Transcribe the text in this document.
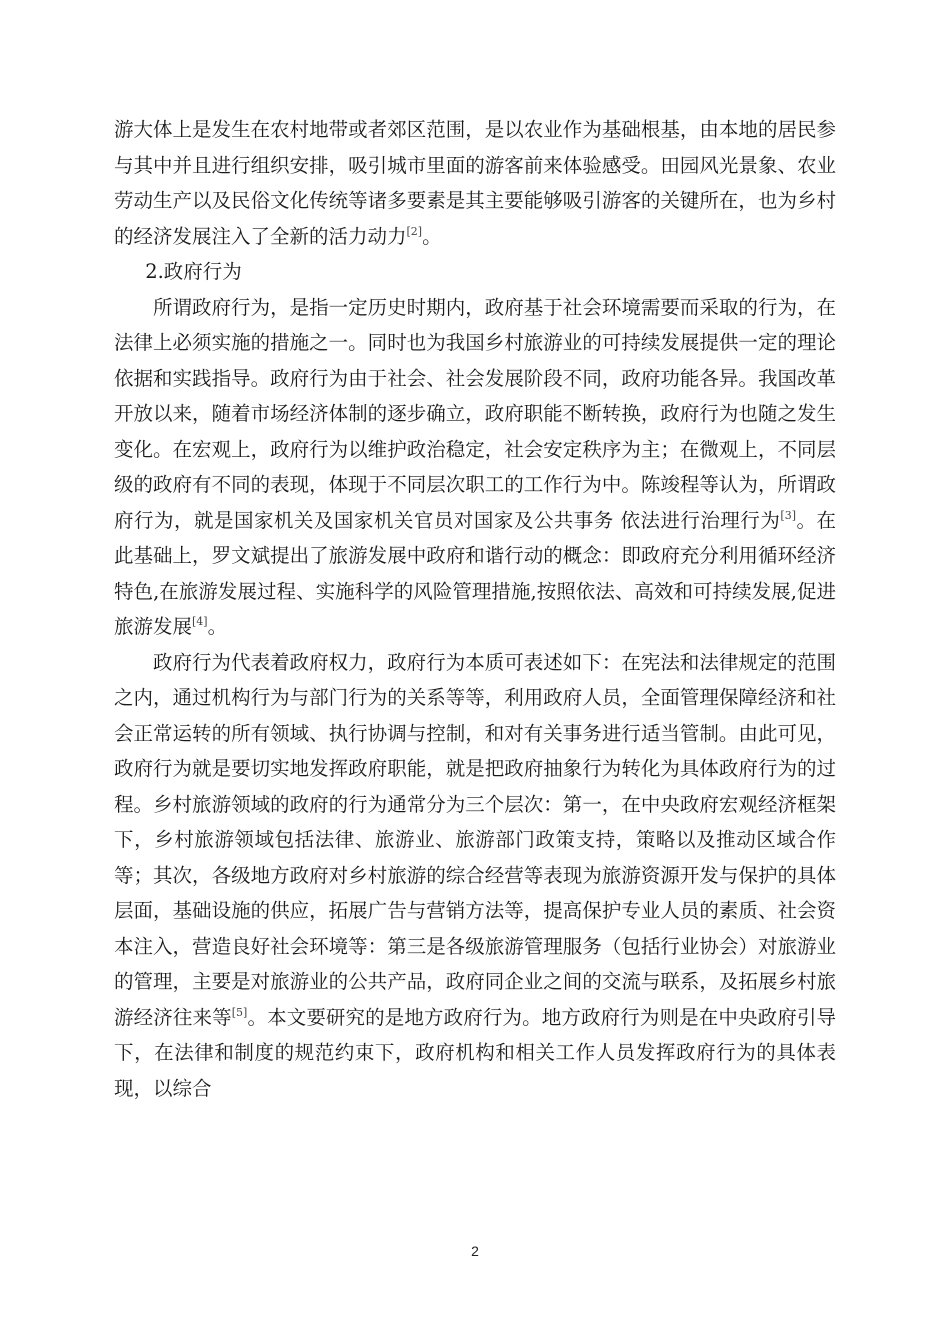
游大体上是发生在农村地带或者郊区范围，是以农业作为基础根基，由本地的居民参与其中并且进行组织安排，吸引城市里面的游客前来体验感受。田园风光景象、农业劳动生产以及民俗文化传统等诸多要素是其主要能够吸引游客的关键所在，也为乡村的经济发展注入了全新的活力动力[2]。

2.政府行为

所谓政府行为，是指一定历史时期内，政府基于社会环境需要而采取的行为，在法律上必须实施的措施之一。同时也为我国乡村旅游业的可持续发展提供一定的理论依据和实践指导。政府行为由于社会、社会发展阶段不同，政府功能各异。我国改革开放以来，随着市场经济体制的逐步确立，政府职能不断转换，政府行为也随之发生变化。在宏观上，政府行为以维护政治稳定，社会安定秩序为主；在微观上，不同层级的政府有不同的表现，体现于不同层次职工的工作行为中。陈竣程等认为，所谓政府行为，就是国家机关及国家机关官员对国家及公共事务 依法进行治理行为[3]。在此基础上，罗文斌提出了旅游发展中政府和谐行动的概念：即政府充分利用循环经济特色,在旅游发展过程、实施科学的风险管理措施,按照依法、高效和可持续发展,促进旅游发展[4]。

政府行为代表着政府权力，政府行为本质可表述如下：在宪法和法律规定的范围之内，通过机构行为与部门行为的关系等等，利用政府人员，全面管理保障经济和社会正常运转的所有领域、执行协调与控制，和对有关事务进行适当管制。由此可见，政府行为就是要切实地发挥政府职能，就是把政府抽象行为转化为具体政府行为的过程。乡村旅游领域的政府的行为通常分为三个层次：第一，在中央政府宏观经济框架下，乡村旅游领域包括法律、旅游业、旅游部门政策支持，策略以及推动区域合作等；其次，各级地方政府对乡村旅游的综合经营等表现为旅游资源开发与保护的具体层面，基础设施的供应，拓展广告与营销方法等，提高保护专业人员的素质、社会资本注入，营造良好社会环境等：第三是各级旅游管理服务（包括行业协会）对旅游业的管理，主要是对旅游业的公共产品，政府同企业之间的交流与联系，及拓展乡村旅游经济往来等[5]。本文要研究的是地方政府行为。地方政府行为则是在中央政府引导下，在法律和制度的规范约束下，政府机构和相关工作人员发挥政府行为的具体表现，以综合

2
